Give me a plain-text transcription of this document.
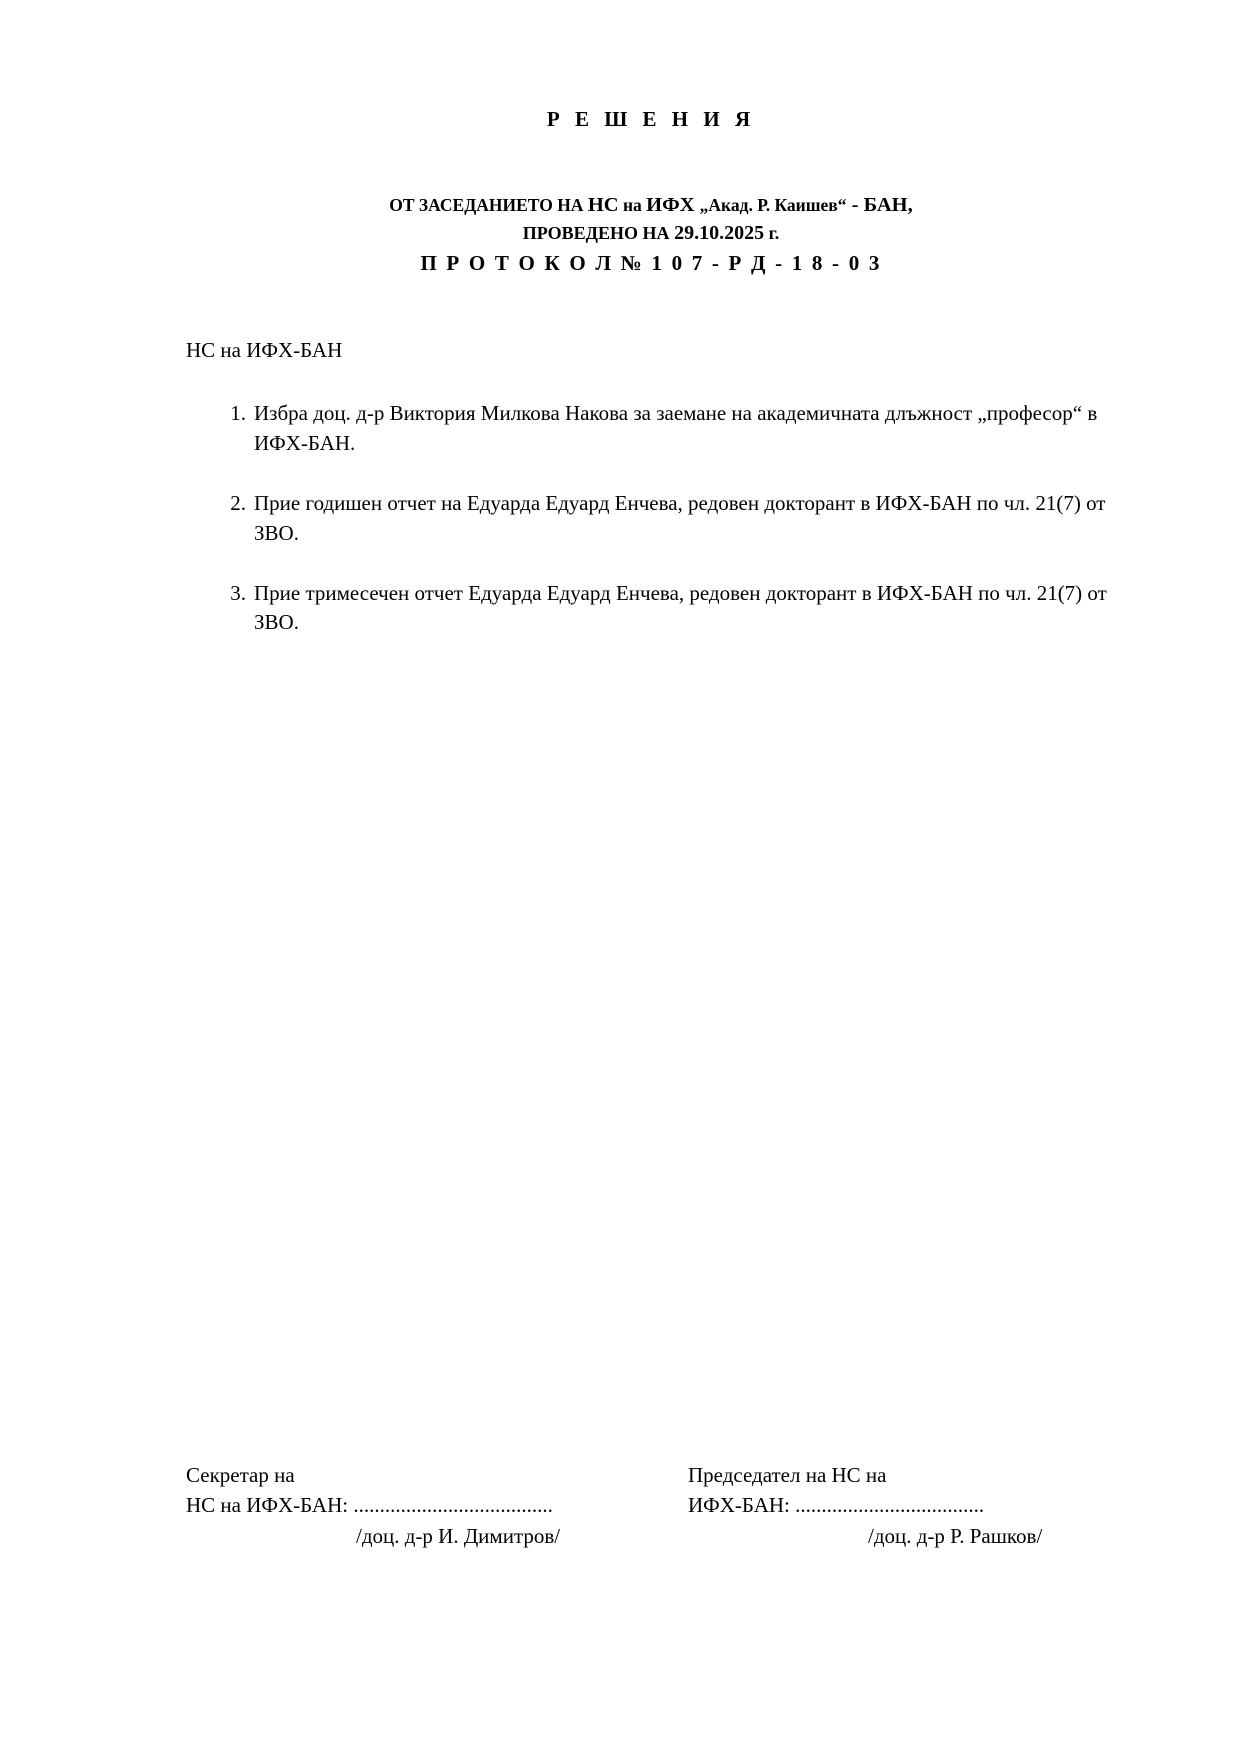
Р Е Ш Е Н И Я
ОТ ЗАСЕДАНИЕТО НА НС на ИФХ „Акад. Р. Каишев“ - БАН,
ПРОВЕДЕНО НА 29.10.2025 г.
П Р О Т О К О Л № 1 0 7 - Р Д - 1 8 - 0 3
НС на ИФХ-БАН
1. Избра доц. д-р Виктория Милкова Накова за заемане на академичната длъжност „професор“ в ИФХ-БАН.
2. Прие годишен отчет на Едуарда Едуард Енчева, редовен докторант в ИФХ-БАН по чл. 21(7) от ЗВО.
3. Прие тримесечен отчет Едуарда Едуард Енчева, редовен докторант в ИФХ-БАН по чл. 21(7) от ЗВО.
Секретар на
НС на ИФХ-БАН: ......................................
/доц. д-р И. Димитров/
Председател на НС на
ИФХ-БАН: ....................................
/доц. д-р Р. Рашков/
